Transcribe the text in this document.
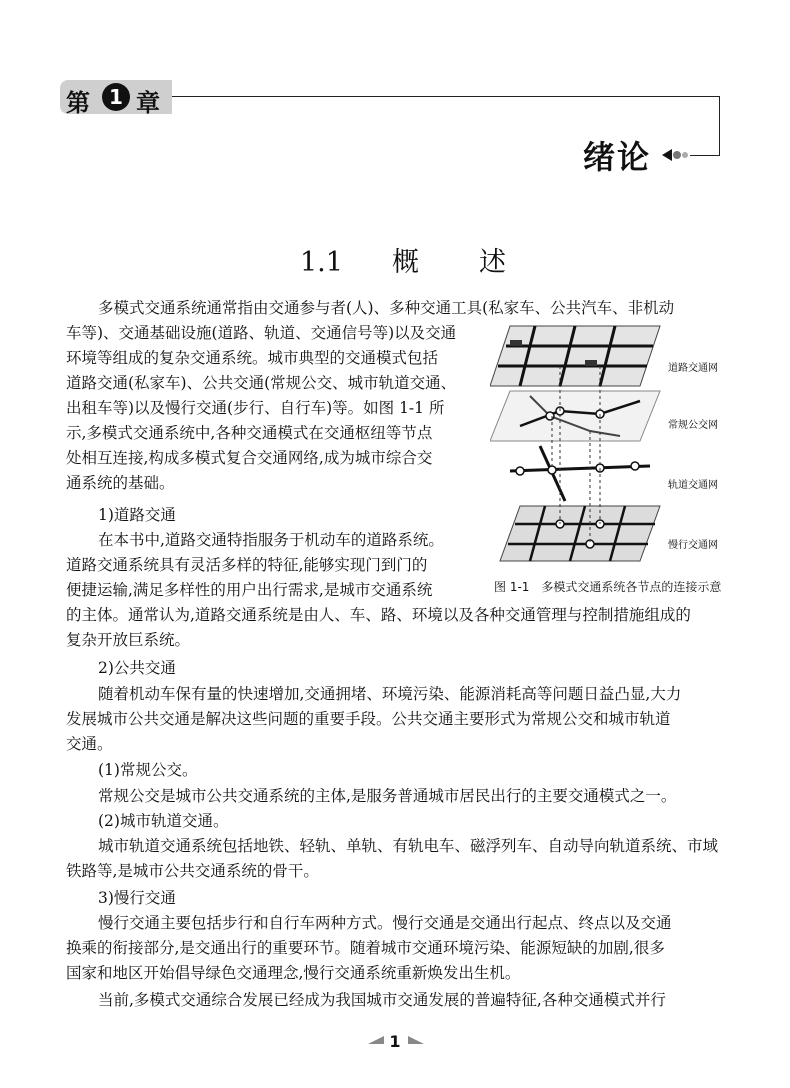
第 1 章
绪论
1.1 概述
道路交通网
常规公交网
轨道交通网
慢行交通网
图 1-1　多模式交通系统各节点的连接示意
多模式交通系统通常指由交通参与者(人)、多种交通工具(私家车、公共汽车、非机动
车等)、交通基础设施(道路、轨道、交通信号等)以及交通
环境等组成的复杂交通系统。城市典型的交通模式包括
道路交通(私家车)、公共交通(常规公交、城市轨道交通、
出租车等)以及慢行交通(步行、自行车)等。如图 1-1 所
示,多模式交通系统中,各种交通模式在交通枢纽等节点
处相互连接,构成多模式复合交通网络,成为城市综合交
通系统的基础。
1)道路交通
在本书中,道路交通特指服务于机动车的道路系统。
道路交通系统具有灵活多样的特征,能够实现门到门的
便捷运输,满足多样性的用户出行需求,是城市交通系统
的主体。通常认为,道路交通系统是由人、车、路、环境以及各种交通管理与控制措施组成的
复杂开放巨系统。
2)公共交通
随着机动车保有量的快速增加,交通拥堵、环境污染、能源消耗高等问题日益凸显,大力
发展城市公共交通是解决这些问题的重要手段。公共交通主要形式为常规公交和城市轨道
交通。
(1)常规公交。
常规公交是城市公共交通系统的主体,是服务普通城市居民出行的主要交通模式之一。
(2)城市轨道交通。
城市轨道交通系统包括地铁、轻轨、单轨、有轨电车、磁浮列车、自动导向轨道系统、市域
铁路等,是城市公共交通系统的骨干。
3)慢行交通
慢行交通主要包括步行和自行车两种方式。慢行交通是交通出行起点、终点以及交通
换乘的衔接部分,是交通出行的重要环节。随着城市交通环境污染、能源短缺的加剧,很多
国家和地区开始倡导绿色交通理念,慢行交通系统重新焕发出生机。
当前,多模式交通综合发展已经成为我国城市交通发展的普遍特征,各种交通模式并行
1
